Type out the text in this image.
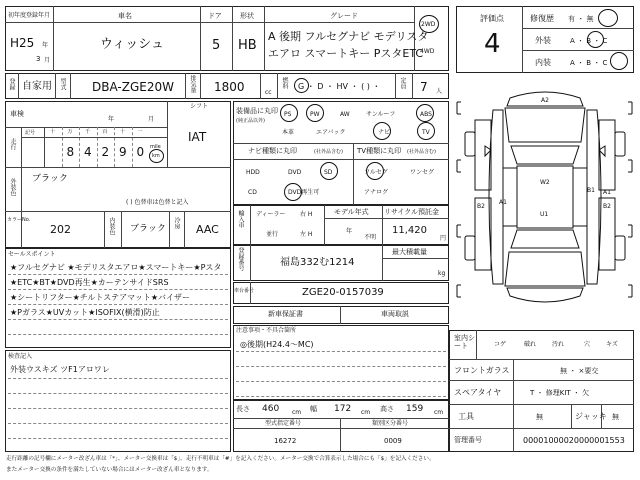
初年度登録年月
H25 年
3 月
車名
ウィッシュ
ドア
5
形状
HB
グレード
A 後期 フルセグナビ モデリスタ
エアロ スマートキー PスタETC
2WD
4WD
登録 自家用 型式 DBA-ZGE20W	排気量 1800	cc
燃料 G ・ D ・ HV ・ ( ) ・	定員 7 人
評価点
4
修復歴 有 ・ 無
外装	A ・ B ・ C
内装	A ・ B ・ C
シフト
車検
年	月
IAT
走行
記号	十 万
8
千
4
百
2
十
9
一
0 mile
km
外装色 ブラック
( ) 色替車は色替と記入
カラーNo.
202	内装色 ブラック 冷房 AAC
セールスポイント
★フルセグナビ ★モデリスタエアロ★スマートキー★Pスタ
★ETC★BT★DVD再生★カーテンサイドSRS
★シートリフター★チルトステアマット★バイザー
★Pガラス★UVカット★ISOFIX(横滑)防止
検査記入
外装ウスキズ ツF1アロワレ
装備品に丸印
(純正品以外)
PS	PW	AW	サンルーフ	ABS
本革	エアバック	ナビ	TV
ナビ種類に丸印	(社外品含む) TV種類に丸印 (社外品含む)
HDD	DVD	SD
CD	DVD再生可
フルセグ	ワンセグ
アナログ
輸入車 ディーラー
並行
右 H
左 H
モデル年式
年
不明
リサイクル預託金
11,420
円
登録番号	福島332む1214
最大積載量
kg
車台番号	ZGE20-0157039
新車保証書	車両取説
注意事項・不具合箇所
◎後期(H24.4〜MC)
長さ 460 cm 幅 172 cm 高さ 159 cm
型式指定番号
16272
類別区分番号
0009
A2
W2
U1
A1
B2	B2
A1
B1
室内シート	コゲ	破れ	汚れ	穴	キズ
フロントガラス	無 ・ ×要交
スペアタイヤ	T ・ 修理KIT ・ 欠
工具	無	ジャッキ 無
管理番号	00001000020000001553
走行距離の記号欄にメーター改ざん車は「*」、メーター交換車は「$」、走行不明車は「#」を記入ください。メーター交換で合算表示した場合にも「$」を記入ください。
またメーター交換の条件を満たしていない場合にはメーター改ざん車となります。
